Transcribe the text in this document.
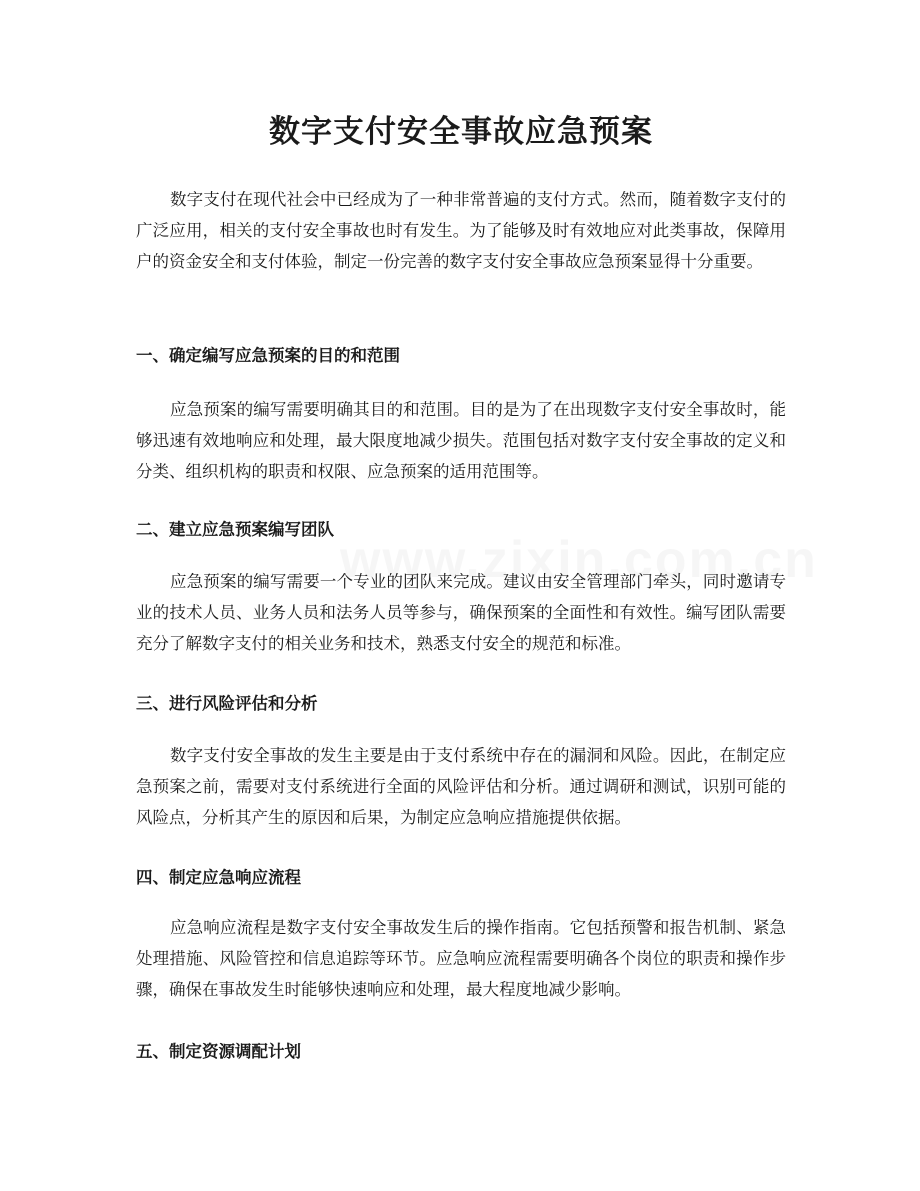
数字支付安全事故应急预案

数字支付在现代社会中已经成为了一种非常普遍的支付方式。然而，随着数字支付的广泛应用，相关的支付安全事故也时有发生。为了能够及时有效地应对此类事故，保障用户的资金安全和支付体验，制定一份完善的数字支付安全事故应急预案显得十分重要。

一、确定编写应急预案的目的和范围

应急预案的编写需要明确其目的和范围。目的是为了在出现数字支付安全事故时，能够迅速有效地响应和处理，最大限度地减少损失。范围包括对数字支付安全事故的定义和分类、组织机构的职责和权限、应急预案的适用范围等。

二、建立应急预案编写团队

应急预案的编写需要一个专业的团队来完成。建议由安全管理部门牵头，同时邀请专业的技术人员、业务人员和法务人员等参与，确保预案的全面性和有效性。编写团队需要充分了解数字支付的相关业务和技术，熟悉支付安全的规范和标准。

三、进行风险评估和分析

数字支付安全事故的发生主要是由于支付系统中存在的漏洞和风险。因此，在制定应急预案之前，需要对支付系统进行全面的风险评估和分析。通过调研和测试，识别可能的风险点，分析其产生的原因和后果，为制定应急响应措施提供依据。

四、制定应急响应流程

应急响应流程是数字支付安全事故发生后的操作指南。它包括预警和报告机制、紧急处理措施、风险管控和信息追踪等环节。应急响应流程需要明确各个岗位的职责和操作步骤，确保在事故发生时能够快速响应和处理，最大程度地减少影响。

五、制定资源调配计划
